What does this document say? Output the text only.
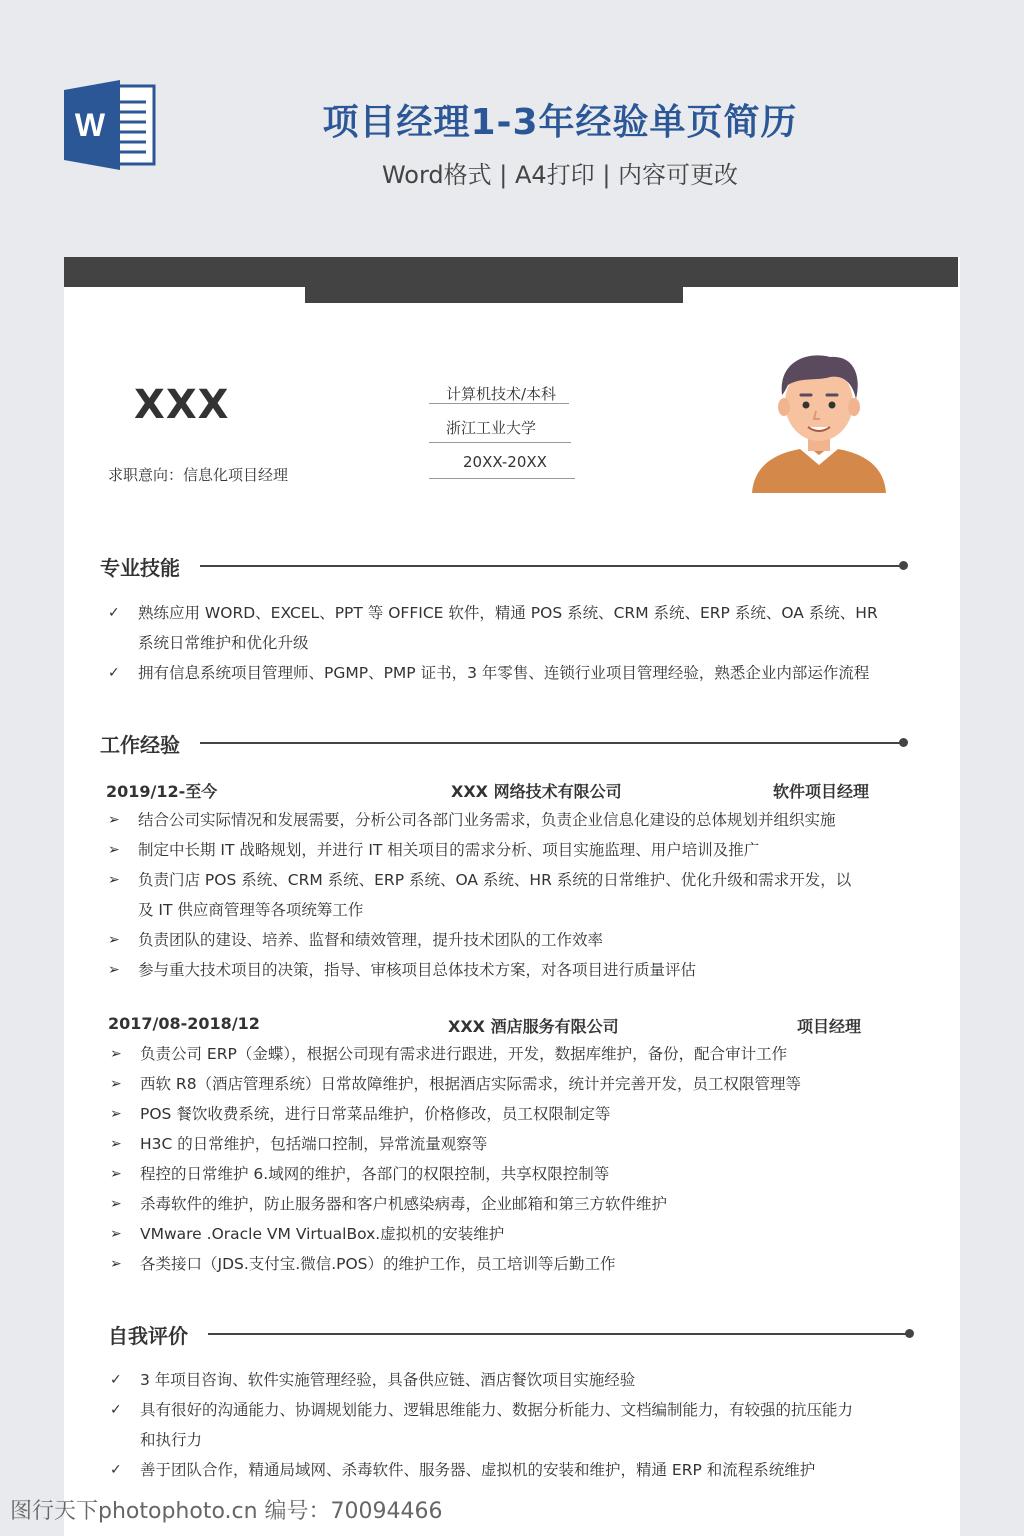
W	项目经理1-3年经验单页简历
Word格式 | A4打印 | 内容可更改
XXX
求职意向：信息化项目经理
计算机技术/本科
浙江工业大学
20XX-20XX
专业技能
✓	熟练应用 WORD、EXCEL、PPT 等 OFFICE 软件，精通 POS 系统、CRM 系统、ERP 系统、OA 系统、HR
系统日常维护和优化升级
✓	拥有信息系统项目管理师、PGMP、PMP 证书，3 年零售、连锁行业项目管理经验，熟悉企业内部运作流程
工作经验
2019/12-至今	XXX 网络技术有限公司	软件项目经理
➢	结合公司实际情况和发展需要，分析公司各部门业务需求，负责企业信息化建设的总体规划并组织实施
➢	制定中长期 IT 战略规划，并进行 IT 相关项目的需求分析、项目实施监理、用户培训及推广
➢	负责门店 POS 系统、CRM 系统、ERP 系统、OA 系统、HR 系统的日常维护、优化升级和需求开发，以
及 IT 供应商管理等各项统筹工作
➢	负责团队的建设、培养、监督和绩效管理，提升技术团队的工作效率
➢	参与重大技术项目的决策，指导、审核项目总体技术方案，对各项目进行质量评估
2017/08-2018/12	XXX 酒店服务有限公司	项目经理
➢	负责公司 ERP（金蝶），根据公司现有需求进行跟进，开发，数据库维护，备份，配合审计工作
➢	西软 R8（酒店管理系统）日常故障维护，根据酒店实际需求，统计并完善开发，员工权限管理等
➢	POS 餐饮收费系统，进行日常菜品维护，价格修改，员工权限制定等
➢	H3C 的日常维护，包括端口控制，异常流量观察等
➢	程控的日常维护 6.域网的维护，各部门的权限控制，共享权限控制等
➢	杀毒软件的维护，防止服务器和客户机感染病毒，企业邮箱和第三方软件维护
➢	VMware .Oracle VM VirtualBox.虚拟机的安装维护
➢	各类接口（JDS.支付宝.微信.POS）的维护工作，员工培训等后勤工作
自我评价
✓	3 年项目咨询、软件实施管理经验，具备供应链、酒店餐饮项目实施经验
✓	具有很好的沟通能力、协调规划能力、逻辑思维能力、数据分析能力、文档编制能力，有较强的抗压能力
和执行力
✓	善于团队合作，精通局域网、杀毒软件、服务器、虚拟机的安装和维护，精通 ERP 和流程系统维护
图行天下photophoto.cn 编号：70094466
